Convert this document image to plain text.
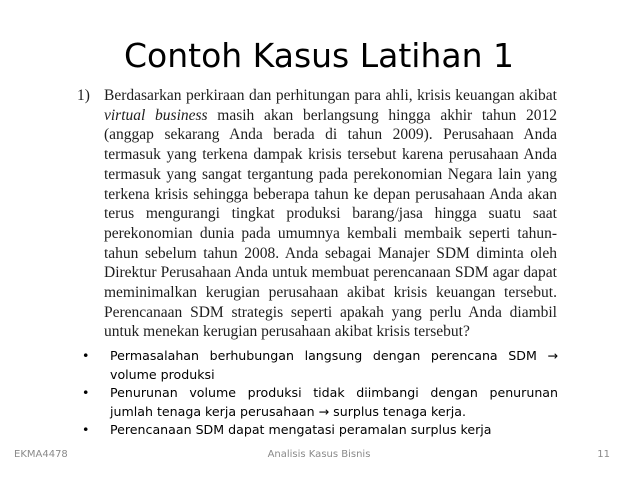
Contoh Kasus Latihan 1
1) Berdasarkan perkiraan dan perhitungan para ahli, krisis keuangan akibat
virtual business masih akan berlangsung hingga akhir tahun 2012
(anggap sekarang Anda berada di tahun 2009). Perusahaan Anda
termasuk yang terkena dampak krisis tersebut karena perusahaan Anda
termasuk yang sangat tergantung pada perekonomian Negara lain yang
terkena krisis sehingga beberapa tahun ke depan perusahaan Anda akan
terus mengurangi tingkat produksi barang/jasa hingga suatu saat
perekonomian dunia pada umumnya kembali membaik seperti tahun-
tahun sebelum tahun 2008. Anda sebagai Manajer SDM diminta oleh
Direktur Perusahaan Anda untuk membuat perencanaan SDM agar dapat
meminimalkan kerugian perusahaan akibat krisis keuangan tersebut.
Perencanaan SDM strategis seperti apakah yang perlu Anda diambil
untuk menekan kerugian perusahaan akibat krisis tersebut?
• Permasalahan berhubungan langsung dengan perencana SDM →
volume produksi
• Penurunan volume produksi tidak diimbangi dengan penurunan
jumlah tenaga kerja perusahaan → surplus tenaga kerja.
• Perencanaan SDM dapat mengatasi peramalan surplus kerja
EKMA4478	Analisis Kasus Bisnis	11
